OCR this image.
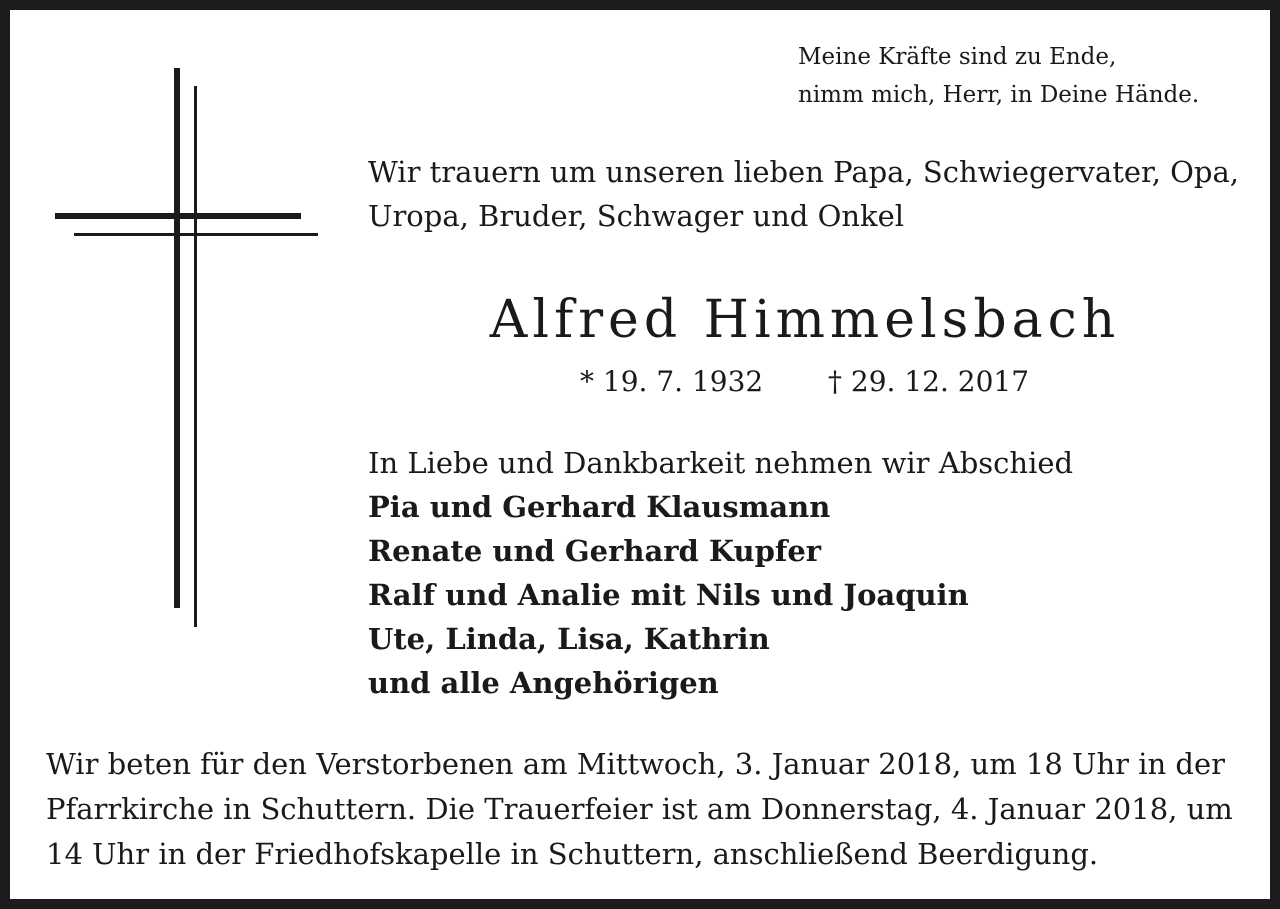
Meine Kräfte sind zu Ende,
nimm mich, Herr, in Deine Hände.
Wir trauern um unseren lieben Papa, Schwiegervater, Opa,
Uropa, Bruder, Schwager und Onkel
Alfred Himmelsbach
* 19. 7. 1932 † 29. 12. 2017
In Liebe und Dankbarkeit nehmen wir Abschied
Pia und Gerhard Klausmann
Renate und Gerhard Kupfer
Ralf und Analie mit Nils und Joaquin
Ute, Linda, Lisa, Kathrin
und alle Angehörigen
Wir beten für den Verstorbenen am Mittwoch, 3. Januar 2018, um 18 Uhr in der
Pfarrkirche in Schuttern. Die Trauerfeier ist am Donnerstag, 4. Januar 2018, um
14 Uhr in der Friedhofskapelle in Schuttern, anschließend Beerdigung.
